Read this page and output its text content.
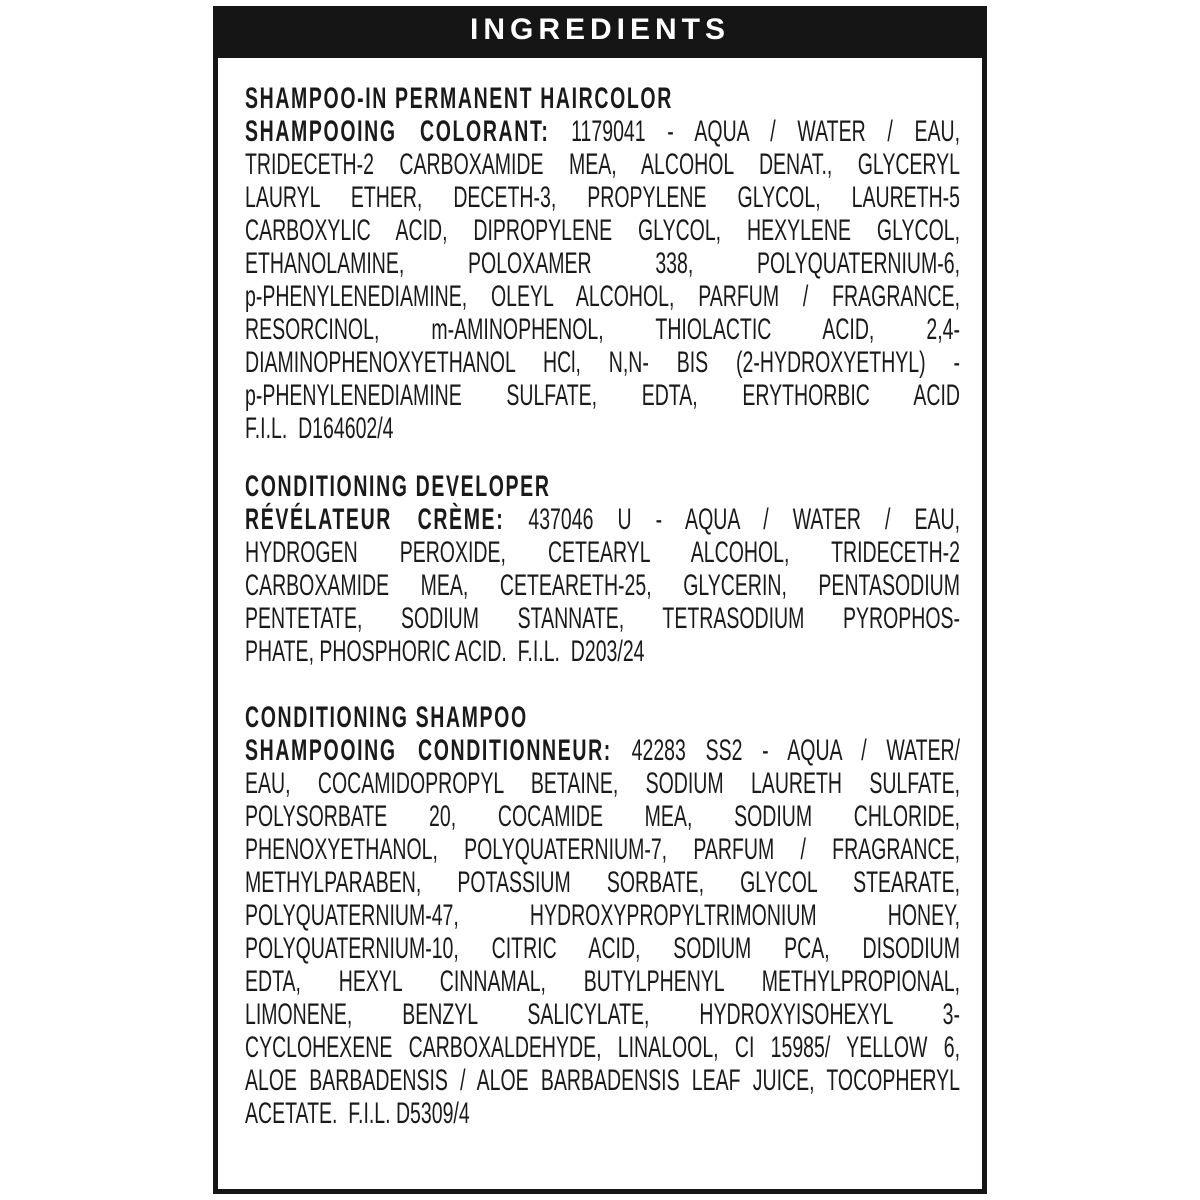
INGREDIENTS
SHAMPOO-IN PERMANENT HAIRCOLOR
SHAMPOOING COLORANT: 1179041 - AQUA / WATER / EAU,
TRIDECETH-2 CARBOXAMIDE MEA, ALCOHOL DENAT., GLYCERYL
LAURYL ETHER, DECETH-3, PROPYLENE GLYCOL, LAURETH-5
CARBOXYLIC ACID, DIPROPYLENE GLYCOL, HEXYLENE GLYCOL,
ETHANOLAMINE, POLOXAMER 338, POLYQUATERNIUM-6,
p-PHENYLENEDIAMINE, OLEYL ALCOHOL, PARFUM / FRAGRANCE,
RESORCINOL, m-AMINOPHENOL, THIOLACTIC ACID, 2,4-
DIAMINOPHENOXYETHANOL HCl, N,N- BIS (2-HYDROXYETHYL) -
p-PHENYLENEDIAMINE SULFATE, EDTA, ERYTHORBIC ACID
F.I.L.  D164602/4
CONDITIONING DEVELOPER
RÉVÉLATEUR CRÈME: 437046 U - AQUA / WATER / EAU,
HYDROGEN PEROXIDE, CETEARYL ALCOHOL, TRIDECETH-2
CARBOXAMIDE MEA, CETEARETH-25, GLYCERIN, PENTASODIUM
PENTETATE, SODIUM STANNATE, TETRASODIUM PYROPHOS-
PHATE, PHOSPHORIC ACID.  F.I.L.  D203/24
CONDITIONING SHAMPOO
SHAMPOOING CONDITIONNEUR: 42283 SS2 - AQUA / WATER/
EAU, COCAMIDOPROPYL BETAINE, SODIUM LAURETH SULFATE,
POLYSORBATE 20, COCAMIDE MEA, SODIUM CHLORIDE,
PHENOXYETHANOL, POLYQUATERNIUM-7, PARFUM / FRAGRANCE,
METHYLPARABEN, POTASSIUM SORBATE, GLYCOL STEARATE,
POLYQUATERNIUM-47, HYDROXYPROPYLTRIMONIUM HONEY,
POLYQUATERNIUM-10, CITRIC ACID, SODIUM PCA, DISODIUM
EDTA, HEXYL CINNAMAL, BUTYLPHENYL METHYLPROPIONAL,
LIMONENE, BENZYL SALICYLATE, HYDROXYISOHEXYL 3-
CYCLOHEXENE CARBOXALDEHYDE, LINALOOL, CI 15985/ YELLOW 6,
ALOE BARBADENSIS / ALOE BARBADENSIS LEAF JUICE, TOCOPHERYL
ACETATE.  F.I.L. D5309/4
